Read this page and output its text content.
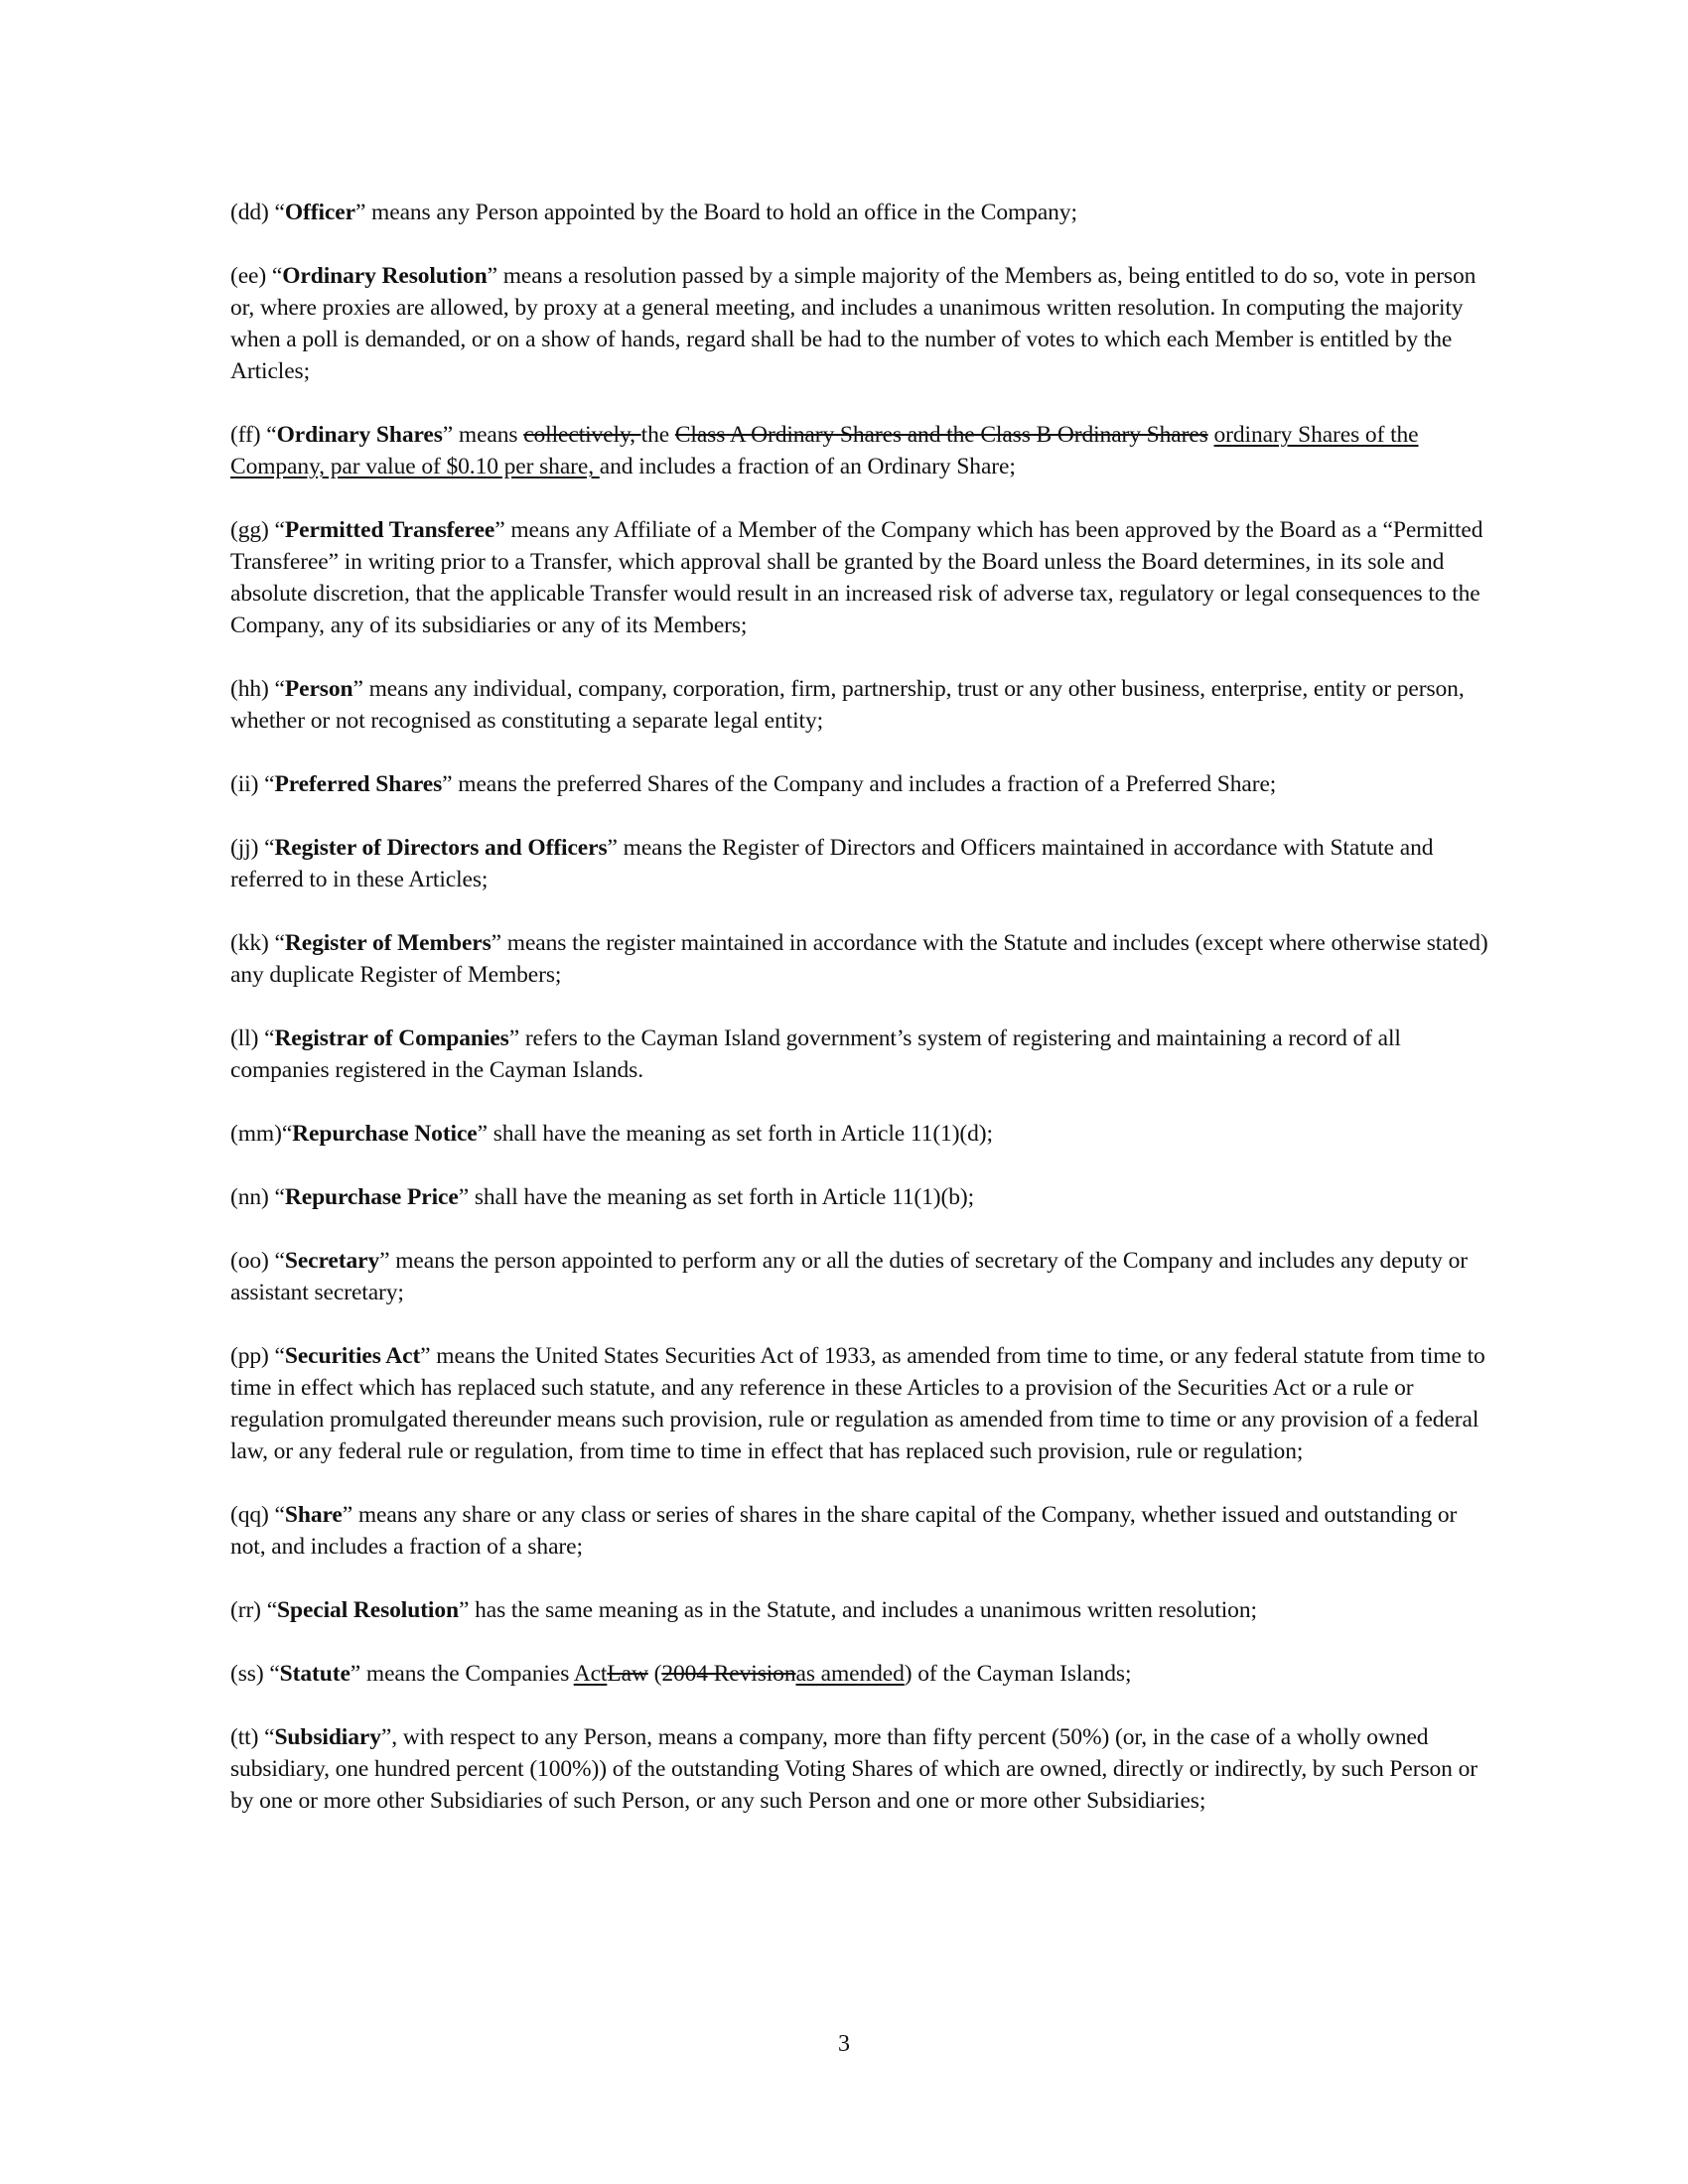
(dd) “Officer” means any Person appointed by the Board to hold an office in the Company;

(ee) “Ordinary Resolution” means a resolution passed by a simple majority of the Members as, being entitled to do so, vote in person or, where proxies are allowed, by proxy at a general meeting, and includes a unanimous written resolution. In computing the majority when a poll is demanded, or on a show of hands, regard shall be had to the number of votes to which each Member is entitled by the Articles;

(ff) “Ordinary Shares” means collectively, the Class A Ordinary Shares and the Class B Ordinary Shares ordinary Shares of the Company, par value of $0.10 per share, and includes a fraction of an Ordinary Share;

(gg) “Permitted Transferee” means any Affiliate of a Member of the Company which has been approved by the Board as a “Permitted Transferee” in writing prior to a Transfer, which approval shall be granted by the Board unless the Board determines, in its sole and absolute discretion, that the applicable Transfer would result in an increased risk of adverse tax, regulatory or legal consequences to the Company, any of its subsidiaries or any of its Members;

(hh) “Person” means any individual, company, corporation, firm, partnership, trust or any other business, enterprise, entity or person, whether or not recognised as constituting a separate legal entity;

(ii) “Preferred Shares” means the preferred Shares of the Company and includes a fraction of a Preferred Share;

(jj) “Register of Directors and Officers” means the Register of Directors and Officers maintained in accordance with Statute and referred to in these Articles;

(kk) “Register of Members” means the register maintained in accordance with the Statute and includes (except where otherwise stated) any duplicate Register of Members;

(ll) “Registrar of Companies” refers to the Cayman Island government’s system of registering and maintaining a record of all companies registered in the Cayman Islands.

(mm)“Repurchase Notice” shall have the meaning as set forth in Article 11(1)(d);

(nn) “Repurchase Price” shall have the meaning as set forth in Article 11(1)(b);

(oo) “Secretary” means the person appointed to perform any or all the duties of secretary of the Company and includes any deputy or assistant secretary;

(pp) “Securities Act” means the United States Securities Act of 1933, as amended from time to time, or any federal statute from time to time in effect which has replaced such statute, and any reference in these Articles to a provision of the Securities Act or a rule or regulation promulgated thereunder means such provision, rule or regulation as amended from time to time or any provision of a federal law, or any federal rule or regulation, from time to time in effect that has replaced such provision, rule or regulation;

(qq) “Share” means any share or any class or series of shares in the share capital of the Company, whether issued and outstanding or not, and includes a fraction of a share;

(rr) “Special Resolution” has the same meaning as in the Statute, and includes a unanimous written resolution;

(ss) “Statute” means the Companies ActLaw (2004 Revisionas amended) of the Cayman Islands;

(tt) “Subsidiary”, with respect to any Person, means a company, more than fifty percent (50%) (or, in the case of a wholly owned subsidiary, one hundred percent (100%)) of the outstanding Voting Shares of which are owned, directly or indirectly, by such Person or by one or more other Subsidiaries of such Person, or any such Person and one or more other Subsidiaries;

3
